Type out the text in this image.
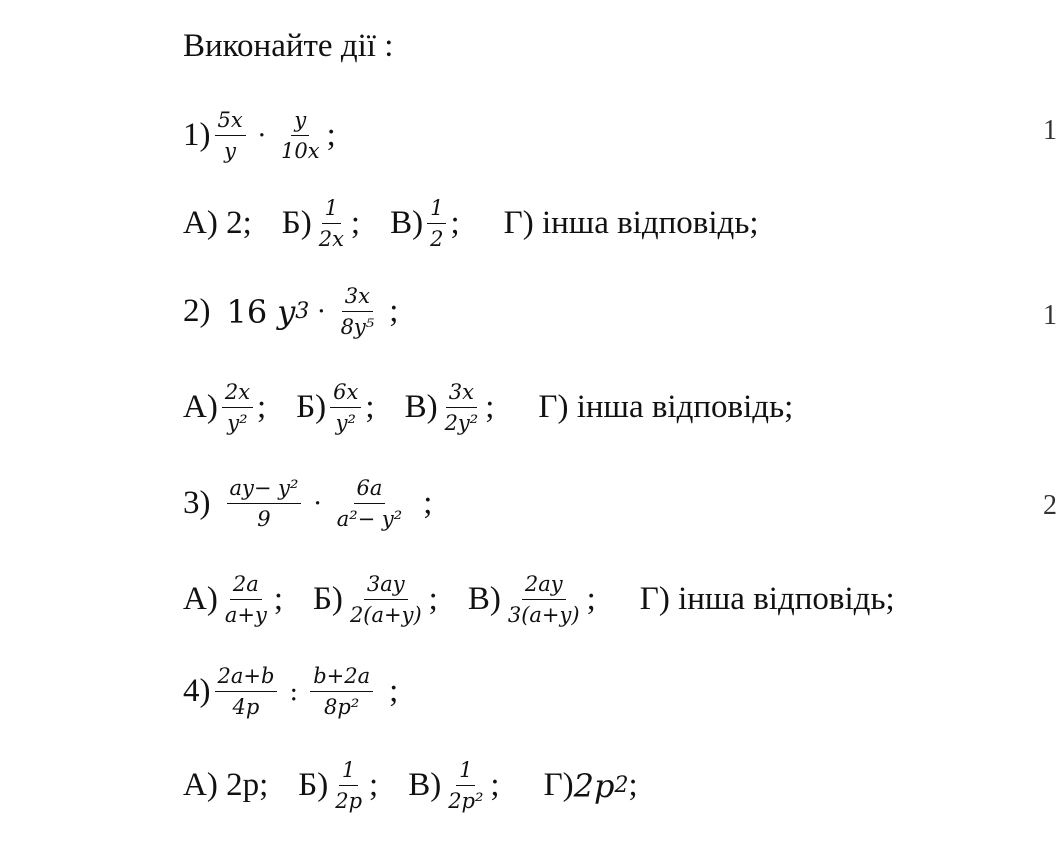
Виконайте дії :
$1) \frac{5x}{y} \cdot \frac{y}{10x}$ ;	1
А) 2; $Б) \frac{1}{2x}$ ; $В) \frac{1}{2}$ ; Г) інша відповідь;
2) 16 y $3 \cdot \frac{3x}{\text{8y⁵}}$ ;	1
$А) \frac{2x}{\text{y²}}$ ; $Б) \frac{6x}{\text{y²}}$ ; $В) \frac{3x}{\text{2y²}}$ ; Г) інша відповідь;
$3) \frac{\text{ay− y²}}{9} \cdot \frac{6a}{\text{a²− y²}}$ ;	2
$А) \frac{2a}{a+y}$ ; $Б) \frac{3ay}{2(a+y)}$ ; $В) \frac{2ay}{3(a+y)}$ ; Г) інша відповідь;
$4) \frac{2a+b}{4p}$ : $\frac{b+2a}{\text{8p²}}$ ;
А) 2р; $Б) \frac{1}{2p}$ ; $В) \frac{1}{\text{2p²}}$ ; Г) 2p 2 ;
